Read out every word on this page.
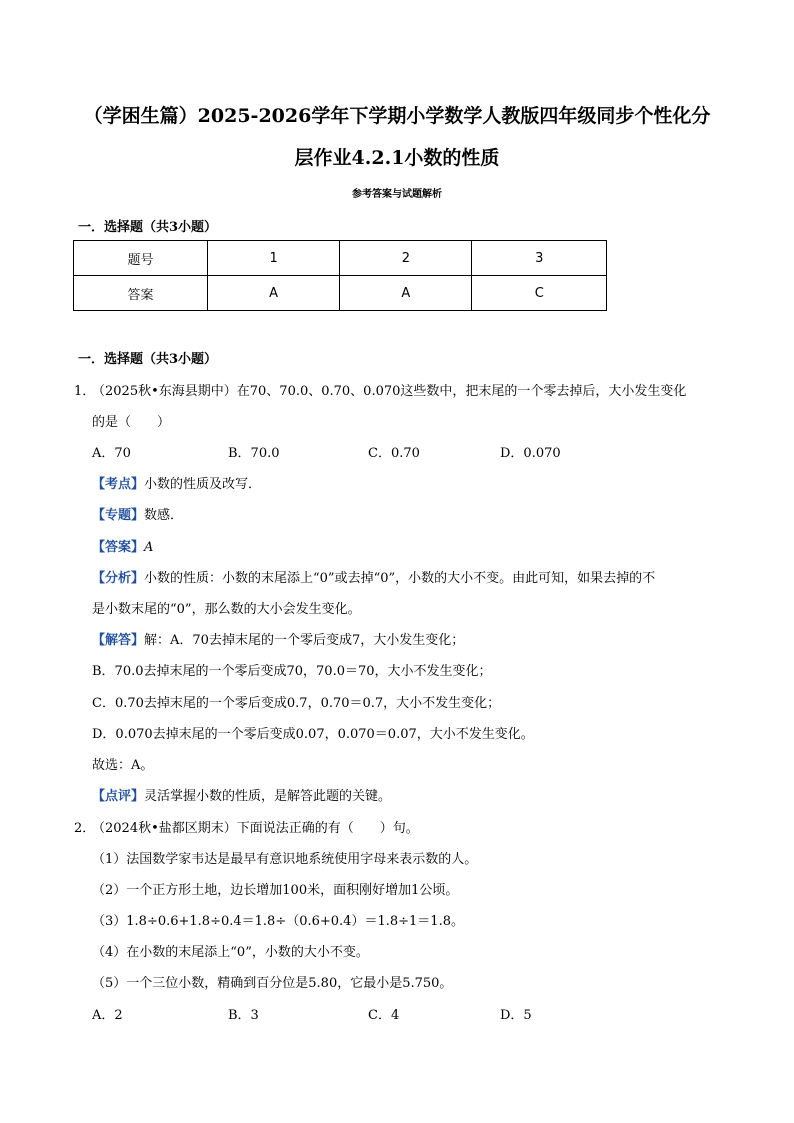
（学困生篇）2025-2026学年下学期小学数学人教版四年级同步个性化分
层作业4.2.1小数的性质
参考答案与试题解析
一．选择题（共3小题）
题号	1	2	3
答案	A	A	C
一．选择题（共3小题）
1．
（2025秋•东海县期中）在70、70.0、0.70、0.070这些数中，把末尾的一个零去掉后，大小发生变化
的是（　　）
A．70	B．70.0	C．0.70	D．0.070
【考点】小数的性质及改写．
【专题】数感．
【答案】A
【分析】小数的性质：小数的末尾添上“0”或去掉“0”，小数的大小不变。由此可知，如果去掉的不
是小数末尾的“0”，那么数的大小会发生变化。
【解答】解：A．70去掉末尾的一个零后变成7，大小发生变化；
B．70.0去掉末尾的一个零后变成70，70.0＝70，大小不发生变化；
C．0.70去掉末尾的一个零后变成0.7，0.70＝0.7，大小不发生变化；
D．0.070去掉末尾的一个零后变成0.07，0.070＝0.07，大小不发生变化。
故选：A。
【点评】灵活掌握小数的性质，是解答此题的关键。
2．
（2024秋•盐都区期末）下面说法正确的有（　　）句。
（1）法国数学家韦达是最早有意识地系统使用字母来表示数的人。
（2）一个正方形土地，边长增加100米，面积刚好增加1公顷。
（3）1.8÷0.6+1.8÷0.4＝1.8÷（0.6+0.4）＝1.8÷1＝1.8。
（4）在小数的末尾添上“0”，小数的大小不变。
（5）一个三位小数，精确到百分位是5.80，它最小是5.750。
A．2	B．3	C．4	D．5
